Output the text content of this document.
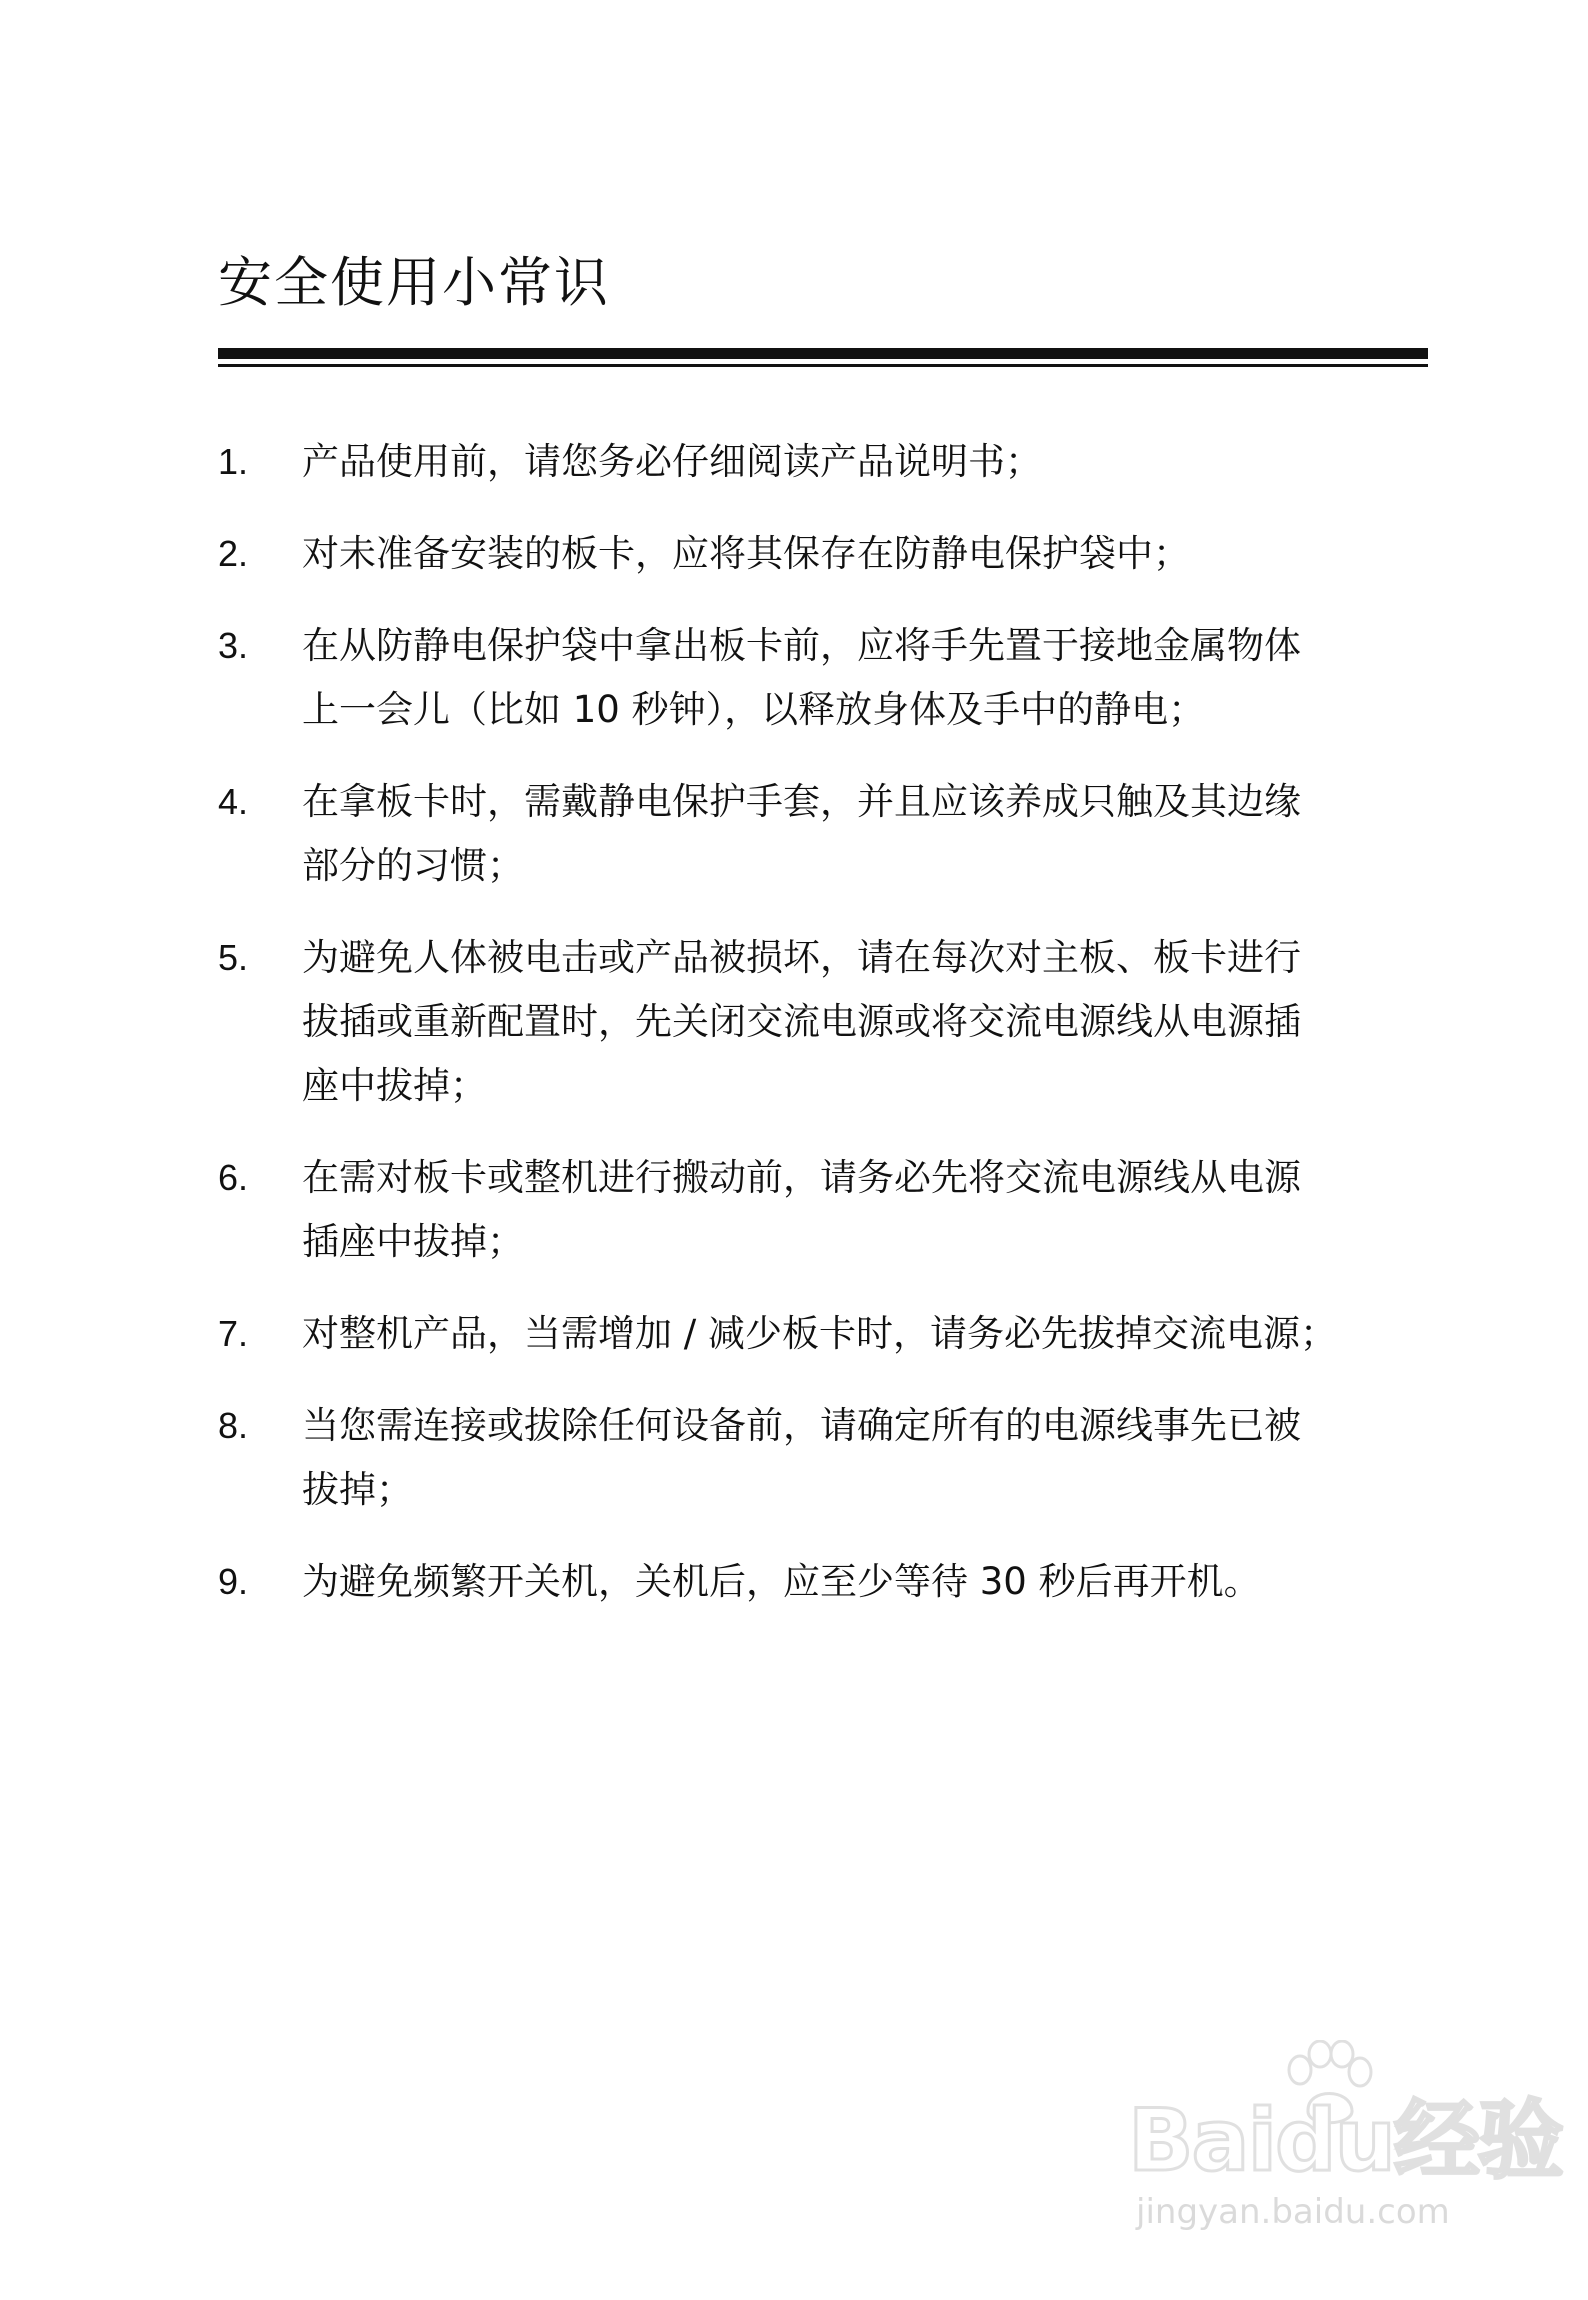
安全使用小常识
1. 产品使用前，请您务必仔细阅读产品说明书；
2. 对未准备安装的板卡，应将其保存在防静电保护袋中；
3. 在从防静电保护袋中拿出板卡前，应将手先置于接地金属物体
上一会儿（比如 10 秒钟），以释放身体及手中的静电；
4. 在拿板卡时，需戴静电保护手套，并且应该养成只触及其边缘
部分的习惯；
5. 为避免人体被电击或产品被损坏，请在每次对主板、板卡进行
拔插或重新配置时，先关闭交流电源或将交流电源线从电源插
座中拔掉；
6. 在需对板卡或整机进行搬动前，请务必先将交流电源线从电源
插座中拔掉；
7. 对整机产品，当需增加 / 减少板卡时，请务必先拔掉交流电源；
8. 当您需连接或拔除任何设备前，请确定所有的电源线事先已被
拔掉；
9. 为避免频繁开关机，关机后，应至少等待 30 秒后再开机。
Baidu经验
jingyan.baidu.com
